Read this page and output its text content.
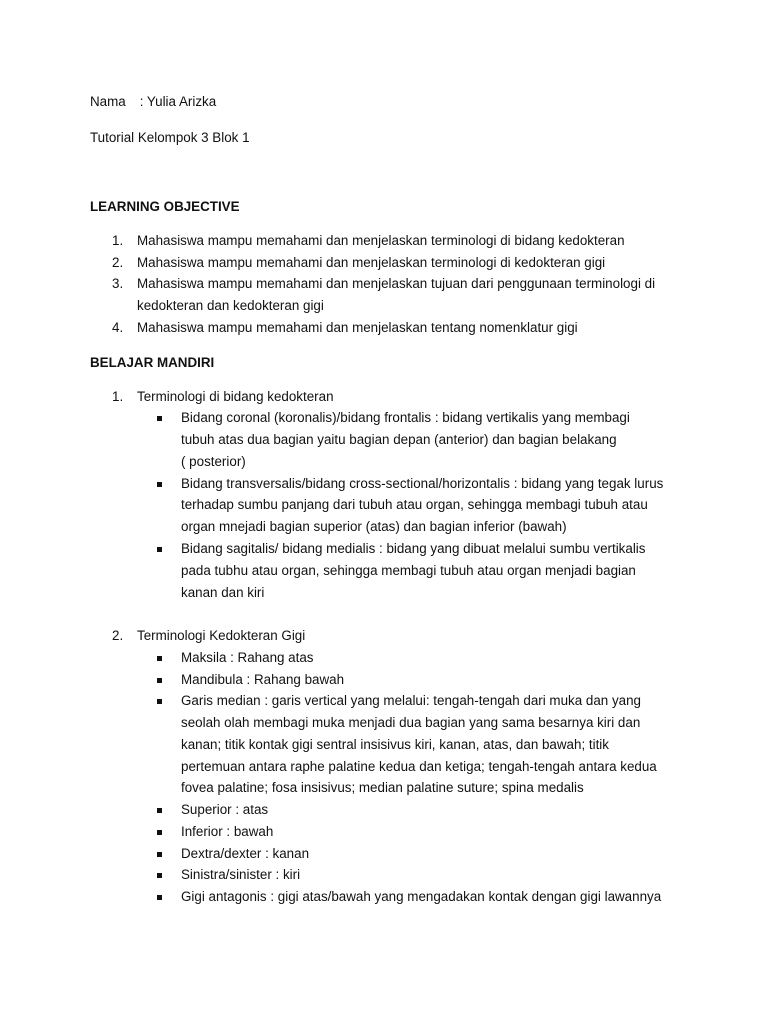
Nama : Yulia Arizka
Tutorial Kelompok 3 Blok 1
LEARNING OBJECTIVE
1. Mahasiswa mampu memahami dan menjelaskan terminologi di bidang kedokteran
2. Mahasiswa mampu memahami dan menjelaskan terminologi di kedokteran gigi
3. Mahasiswa mampu memahami dan menjelaskan tujuan dari penggunaan terminologi di
kedokteran dan kedokteran gigi
4. Mahasiswa mampu memahami dan menjelaskan tentang nomenklatur gigi
BELAJAR MANDIRI
1. Terminologi di bidang kedokteran
Bidang coronal (koronalis)/bidang frontalis : bidang vertikalis yang membagi
tubuh atas dua bagian yaitu bagian depan (anterior) dan bagian belakang
( posterior)
Bidang transversalis/bidang cross-sectional/horizontalis : bidang yang tegak lurus
terhadap sumbu panjang dari tubuh atau organ, sehingga membagi tubuh atau
organ mnejadi bagian superior (atas) dan bagian inferior (bawah)
Bidang sagitalis/ bidang medialis : bidang yang dibuat melalui sumbu vertikalis
pada tubhu atau organ, sehingga membagi tubuh atau organ menjadi bagian
kanan dan kiri
2. Terminologi Kedokteran Gigi
Maksila : Rahang atas
Mandibula : Rahang bawah
Garis median : garis vertical yang melalui: tengah-tengah dari muka dan yang
seolah olah membagi muka menjadi dua bagian yang sama besarnya kiri dan
kanan; titik kontak gigi sentral insisivus kiri, kanan, atas, dan bawah; titik
pertemuan antara raphe palatine kedua dan ketiga; tengah-tengah antara kedua
fovea palatine; fosa insisivus; median palatine suture; spina medalis
Superior : atas
Inferior : bawah
Dextra/dexter : kanan
Sinistra/sinister : kiri
Gigi antagonis : gigi atas/bawah yang mengadakan kontak dengan gigi lawannya
